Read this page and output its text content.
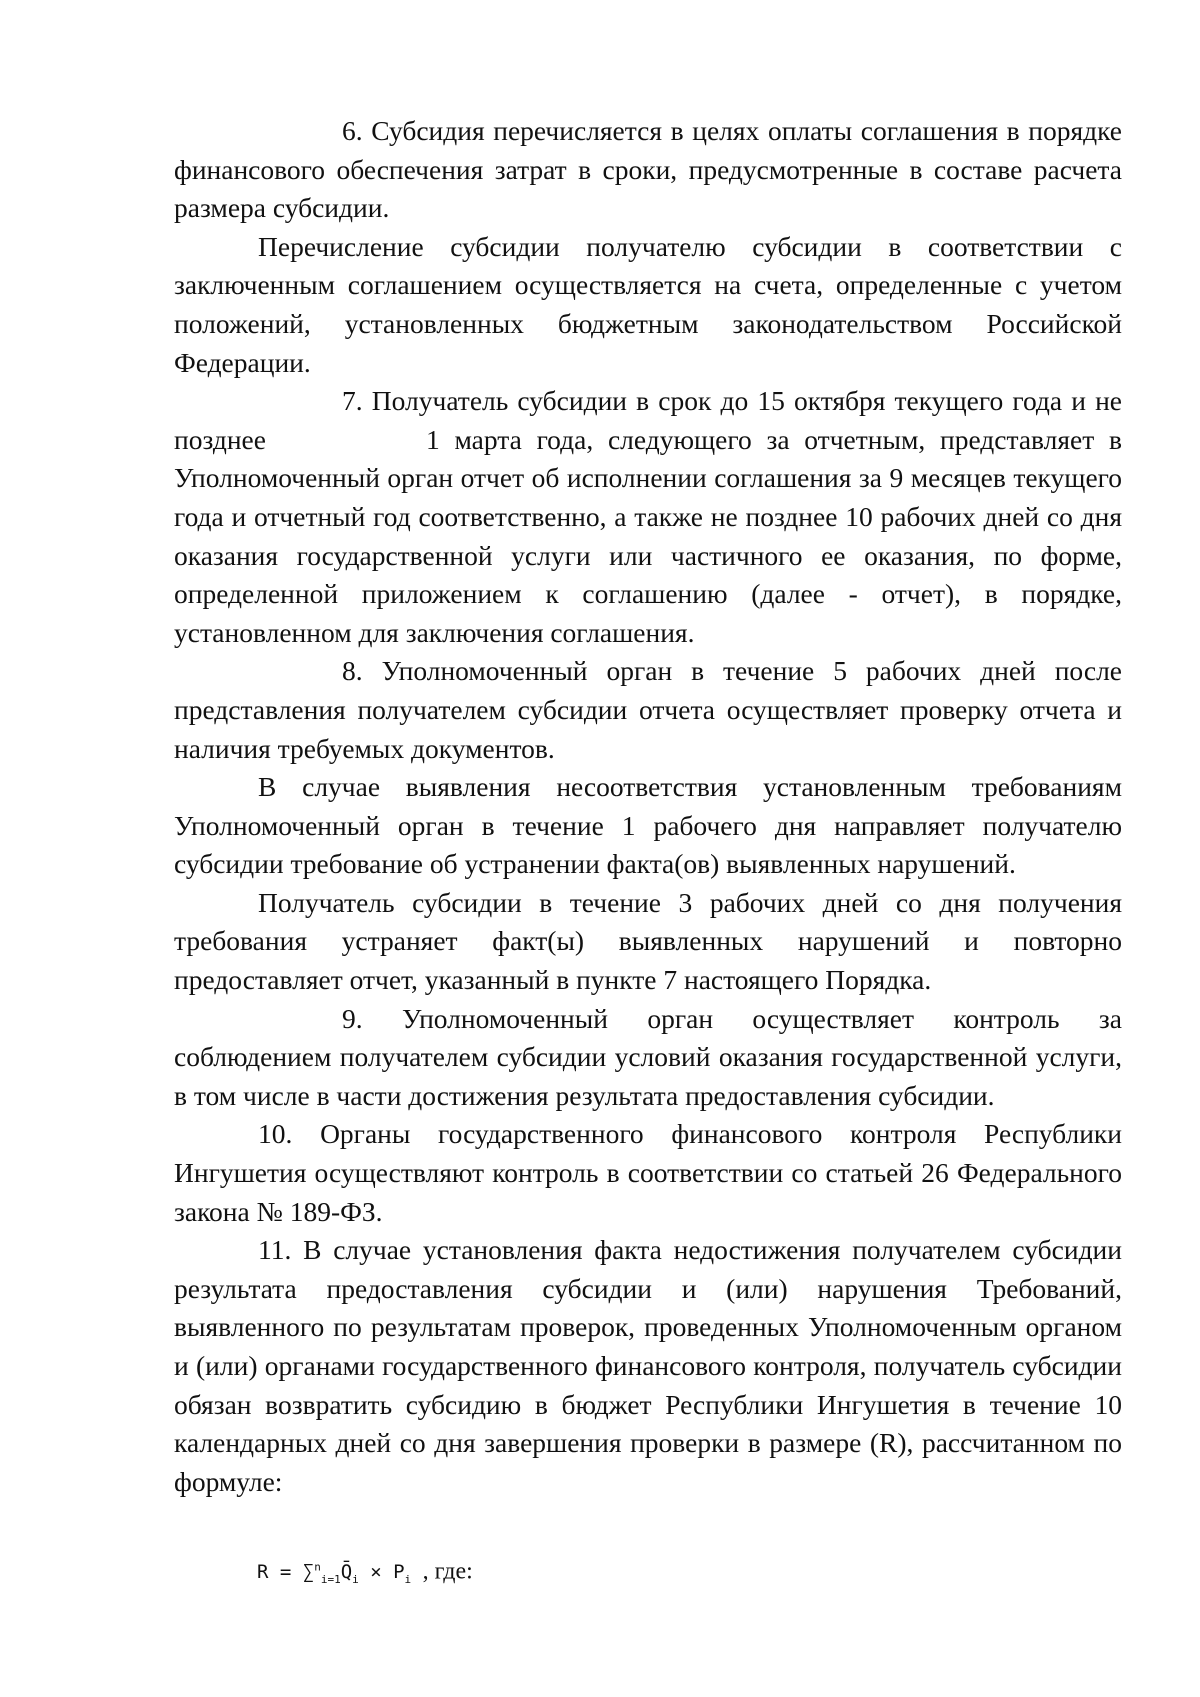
6. Субсидия перечисляется в целях оплаты соглашения в порядке финансового обеспечения затрат в сроки, предусмотренные в составе расчета размера субсидии.

Перечисление субсидии получателю субсидии в соответствии с заключенным соглашением осуществляется на счета, определенные с учетом положений, установленных бюджетным законодательством Российской Федерации.

7. Получатель субсидии в срок до 15 октября текущего года и не позднее	1 марта года, следующего за отчетным, представляет в Уполномоченный орган отчет об исполнении соглашения за 9 месяцев текущего года и отчетный год соответственно, а также не позднее 10 рабочих дней со дня оказания государственной услуги или частичного ее оказания, по форме, определенной приложением к соглашению (далее - отчет), в порядке, установленном для заключения соглашения.

8. Уполномоченный орган в течение 5 рабочих дней после представления получателем субсидии отчета осуществляет проверку отчета и наличия требуемых документов.

В случае выявления несоответствия установленным требованиям Уполномоченный орган в течение 1 рабочего дня направляет получателю субсидии требование об устранении факта(ов) выявленных нарушений.

Получатель субсидии в течение 3 рабочих дней со дня получения требования устраняет факт(ы) выявленных нарушений и повторно предоставляет отчет, указанный в пункте 7 настоящего Порядка.

9. Уполномоченный орган осуществляет контроль за соблюдением получателем субсидии условий оказания государственной услуги, в том числе в части достижения результата предоставления субсидии.

10. Органы государственного финансового контроля Республики Ингушетия осуществляют контроль в соответствии со статьей 26 Федерального закона № 189-ФЗ.

11. В случае установления факта недостижения получателем субсидии результата предоставления субсидии и (или) нарушения Требований, выявленного по результатам проверок, проведенных Уполномоченным органом и (или) органами государственного финансового контроля, получатель субсидии обязан возвратить субсидию в бюджет Республики Ингушетия в течение 10 календарных дней со дня завершения проверки в размере (R), рассчитанном по формуле:

$R = \sum^n_{i=1}Q̄_i \times P_i$ , где:
